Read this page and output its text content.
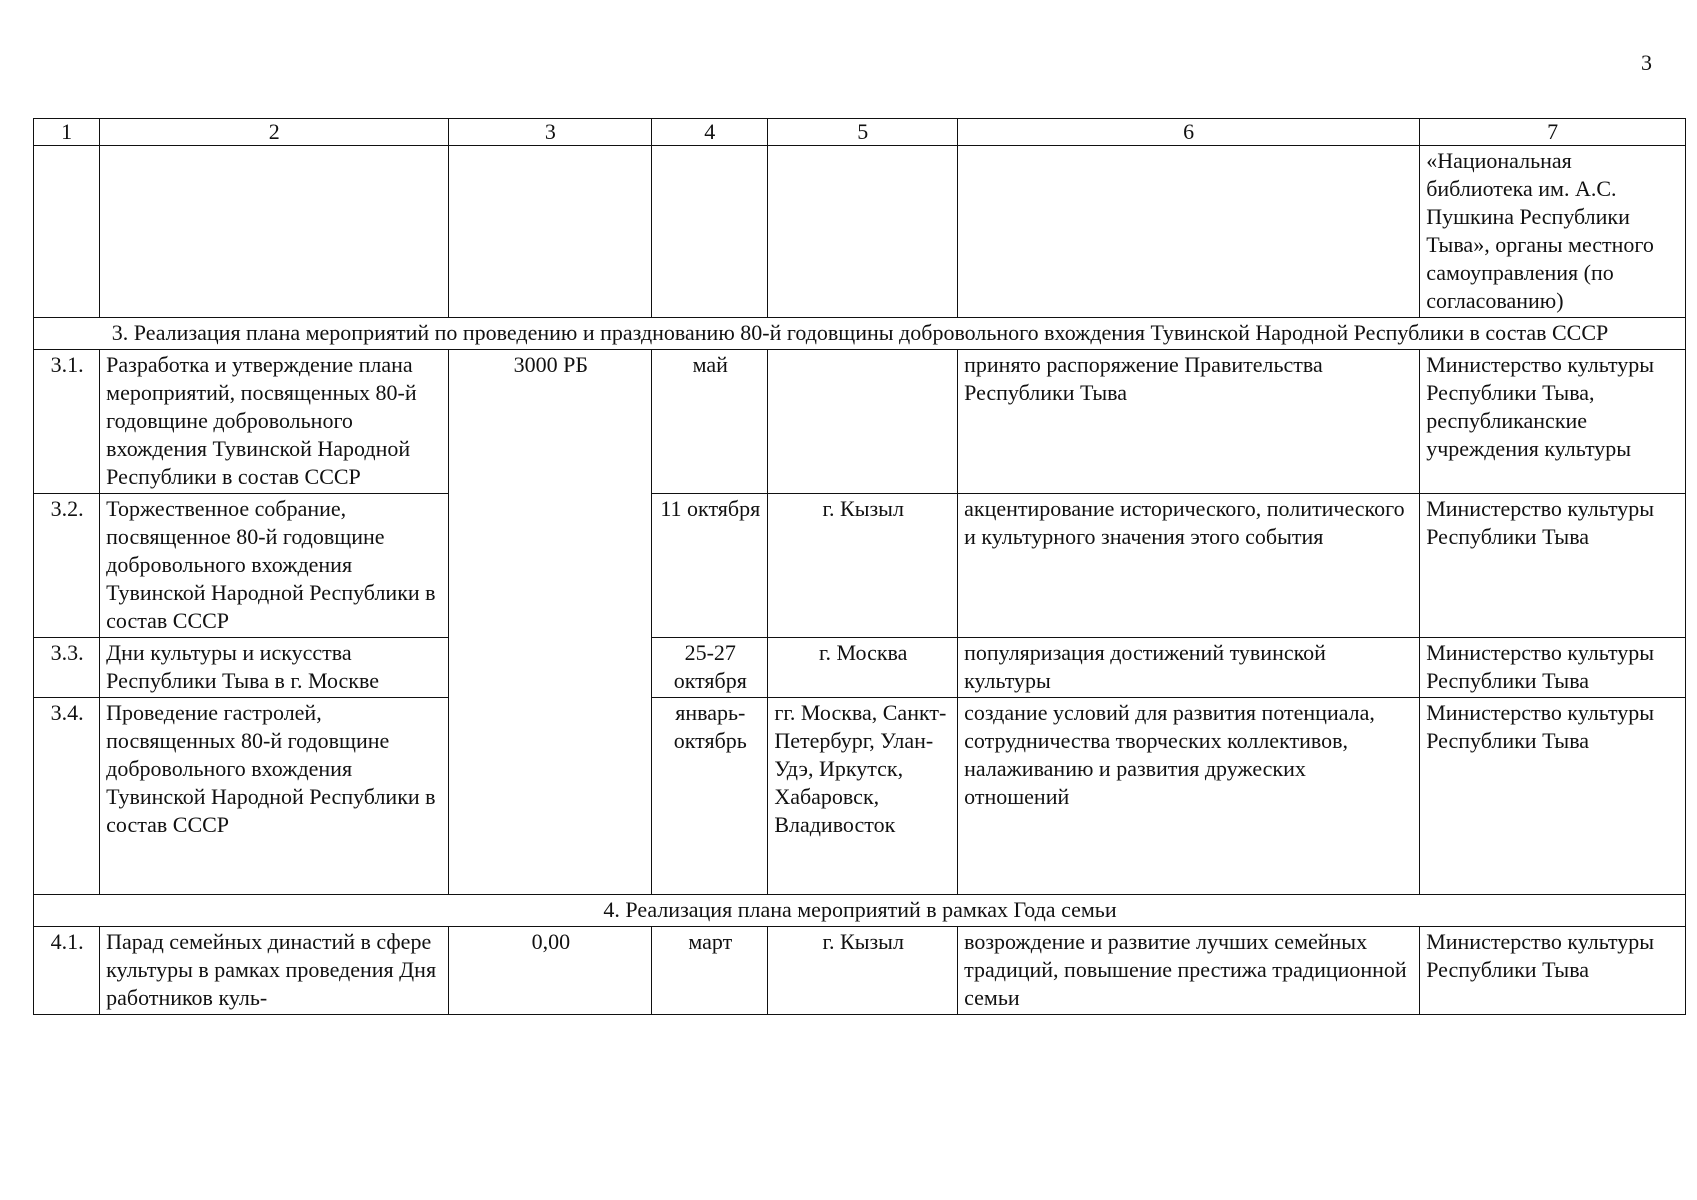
3
1	2	3	4	5	6	7
						«Национальная библиотека им. А.С. Пушкина Республики Тыва», органы местного самоуправления (по согласованию)
3. Реализация плана мероприятий по проведению и празднованию 80-й годовщины добровольного вхождения Тувинской Народной Республики в состав СССР						
3.1.	Разработка и утверждение плана мероприятий, посвященных 80-й годовщине добровольного вхождения Тувинской Народной Республики в состав СССР	3000 РБ	май		принято распоряжение Правительства Республики Тыва	Министерство культуры Республики Тыва, республиканские учреждения культуры
3.2.	Торжественное собрание, посвященное 80-й годовщине добровольного вхождения Тувинской Народной Республики в состав СССР		11 октября	г. Кызыл	акцентирование исторического, политического и культурного значения этого события	Министерство культуры Республики Тыва
3.3.	Дни культуры и искусства Республики Тыва в г. Москве		25-27 октября	г. Москва	популяризация достижений тувинской культуры	Министерство культуры Республики Тыва
3.4.	Проведение гастролей, посвященных 80-й годовщине добровольного вхождения Тувинской Народной Республики в состав СССР		январь-октябрь	гг. Москва, Санкт-Петербург, Улан-Удэ, Иркутск, Хабаровск, Владивосток	создание условий для развития потенциала, сотрудничества творческих коллективов, налаживанию и развития дружеских отношений	Министерство культуры Республики Тыва
4. Реализация плана мероприятий в рамках Года семьи						
4.1.	Парад семейных династий в сфере культуры в рамках проведения Дня работников куль-	0,00	март	г. Кызыл	возрождение и развитие лучших семейных традиций, повышение престижа традиционной семьи	Министерство культуры Республики Тыва
